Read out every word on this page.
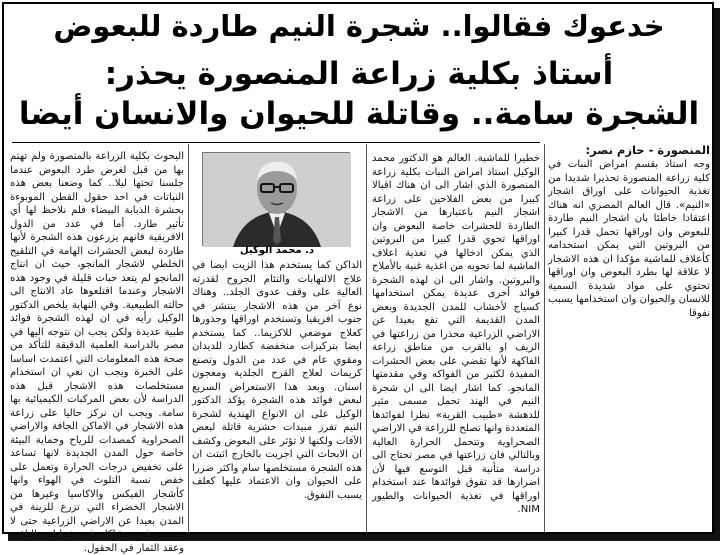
خدعوك فقالوا.. شجرة النيم طاردة للبعوض
أستاذ بكلية زراعة المنصورة يحذر:
الشجرة سامة.. وقاتلة للحيوان والانسان أيضا
المنصورة - حازم نصر:
وجه استاذ بقسم امراض النبات في كلية زراعة المنصورة تحذيرا شديدا من تغذية الحيوانات على اوراق اشجار «النيم». قال العالم المصري انه هناك اعتقادا خاطئا بان اشجار النيم طاردة للبعوض وان اوراقها تحمل قدرا كبيرا من البروتين التي يمكن استخدامه كأعلاف للماشية مؤكدا ان هذه الاشجار لا علاقة لها بطرد البعوض وان اوراقها تحتوي على مواد شديدة السمية للانسان والحيوان وان استخدامها يسبب نفوقا
خطيرا للماشية. العالم هو الدكتور محمد الوكيل استاذ امراض النبات بكلية زراعة المنصورة الذي اشار الى ان هناك اقبالا كبيرا من بعض الفلاحين على زراعة اشجار النيم باعتبارها من الاشجار الطاردة للحشرات خاصة البعوض وان اوراقها تحوي قدرا كبيرا من البروتين الذي يمكن ادخالها في تغذية اعلاف الماشية لما تحويه من اغذية غنية بالأملاح والبروتين. واشار الى ان لهذه الشجرة فوائد أخرى عديدة يمكن استخدامها كسياج لأخشاب للمدن الجديدة وبعض المدن القديمة التي تقع بعيدا عن الاراضي الزراعية محذرا من زراعتها في الريف او بالقرب من مناطق زراعة الفاكهة لأنها تقضي على بعض الحشرات المفيدة لكثير من الفواكه وفي مقدمتها المانجو. كما اشار ايضا الى ان شجرة النيم في الهند تحمل مسمى مثير للدهشة «طبيب القرية» نظرا لفوائدها المتعددة وانها تصلح للزراعة في الاراضي الصحراوية وتتحمل الحرارة العالية وبالتالي فان زراعتها في مصر تحتاج الى دراسة متأنية قبل التوسع فيها لأن اضرارها قد تفوق فوائدها عند استخدام اوراقها في تغذية الحيوانات والطيور NIM.
د. محمد الوكيل
الداكن كما يستخدم هذا الزيت ايضا في علاج الالتهابات والتئام الجروح لقدرته العالية على وقف عدوى الجلد.. وهناك نوع آخر من هذه الاشجار ينتشر في جنوب افريقيا وتستخدم اوراقها وجذورها كعلاج موضعي للاكزيما.. كما يستخدم ايضا بتركيزات منخفضة كطارد للديدان ومقوي عام في عدد من الدول وتصنع كريمات لعلاج القرح الجلدية ومعجون اسنان. وبعد هذا الاستعراض السريع لبعض فوائد هذه الشجرة يؤكد الدكتور الوكيل على ان الانواع الهندية لشجرة النيم تفرز مبيدات حشرية قاتلة لبعض الآفات ولكنها لا تؤثر على البعوض وكشف ان الابحاث التي اجريت بالخارج اثبتت ان هذه الشجرة مستخلصها سام واكثر ضررا على الحيوان وان الاعتماد عليها كعلف يسبب النفوق.
البحوث بكلية الزراعة بالمنصورة ولم تهتم بها من قبل لغرض طرد البعوض عندما جلسنا تحتها ليلا.. كما وضعنا بعض هذه النباتات في احد حقول القطن الموبوءة بحشرة الذبابة البيضاء فلم نلاحظ لها أي تأثير طارد. أما في عدد من الدول الافريقية فانهم يزرعون هذه الشجرة لأنها طاردة لبعض الحشرات الهامة في التلقيح الخلطي لاشجار المانجو، حيث ان انتاج المانجو لم يتعد حبات قليلة في وجود هذه الاشجار وعندما اقتلعوها عاد الانتاج الى حالته الطبيعية. وفي النهاية يلخص الدكتور الوكيل رأيه في ان لهذه الشجرة فوائد طبية عديدة ولكن يجب ان نتوجه اليها في مصر بالدراسة العلمية الدقيقة للتأكد من صحة هذه المعلومات التي اعتمدت اساسا على الخبرة ويجب ان نعي ان استخدام مستخلصات هذه الاشجار قبل هذه الدراسة لأن بعض المركبات الكيميائية بها سامة. ويجب ان نركز حاليا على زراعة هذه الاشجار في الاماكن الجافة والاراضي الصحراوية كمصدات للرياح وحماية البيئة خاصة حول المدن الجديدة لانها تساعد على تخفيض درجات الحرارة وتعمل على خفض نسبة التلوث في الهواء وانها كأشجار الفيكس والاكاسيا وغيرها من الاشجار الخضراء التي تزرع للزينة في المدن بعيدا عن الاراضي الزراعية حتى لا تتسبب في مشاكل في عمليات التلقيح وعقد الثمار في الحقول.
